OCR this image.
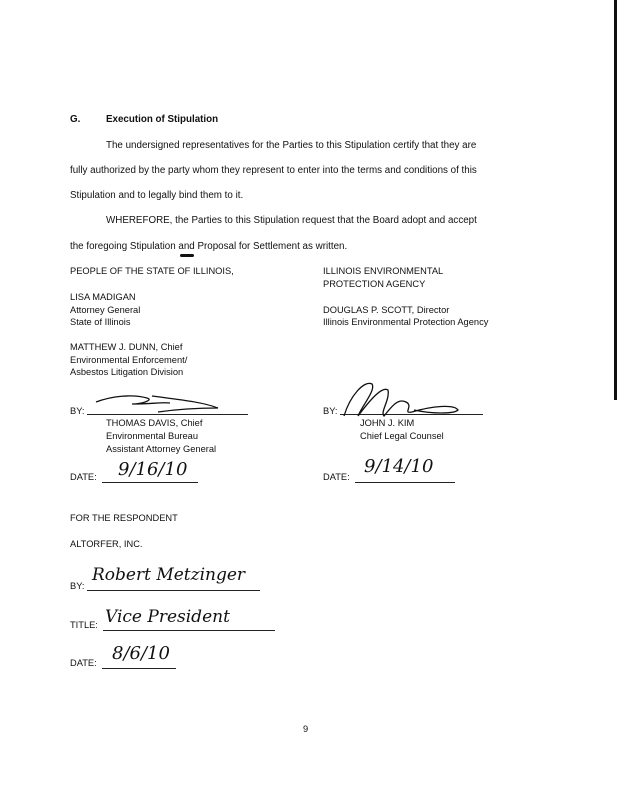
G.	Execution of Stipulation
The undersigned representatives for the Parties to this Stipulation certify that they are
fully authorized by the party whom they represent to enter into the terms and conditions of this
Stipulation and to legally bind them to it.
WHEREFORE, the Parties to this Stipulation request that the Board adopt and accept
the foregoing Stipulation and Proposal for Settlement as written.
PEOPLE OF THE STATE OF ILLINOIS,
LISA MADIGAN
Attorney General
State of Illinois
MATTHEW J. DUNN, Chief
Environmental Enforcement/
Asbestos Litigation Division
BY:
THOMAS DAVIS, Chief
Environmental Bureau
Assistant Attorney General
DATE: 9/16/10
ILLINOIS ENVIRONMENTAL
PROTECTION AGENCY
DOUGLAS P. SCOTT, Director
Illinois Environmental Protection Agency
BY:
JOHN J. KIM
Chief Legal Counsel
DATE: 9/14/10
FOR THE RESPONDENT
ALTORFER, INC.
BY:
Robert Metzinger
TITLE: Vice President
DATE: 8/6/10
9
